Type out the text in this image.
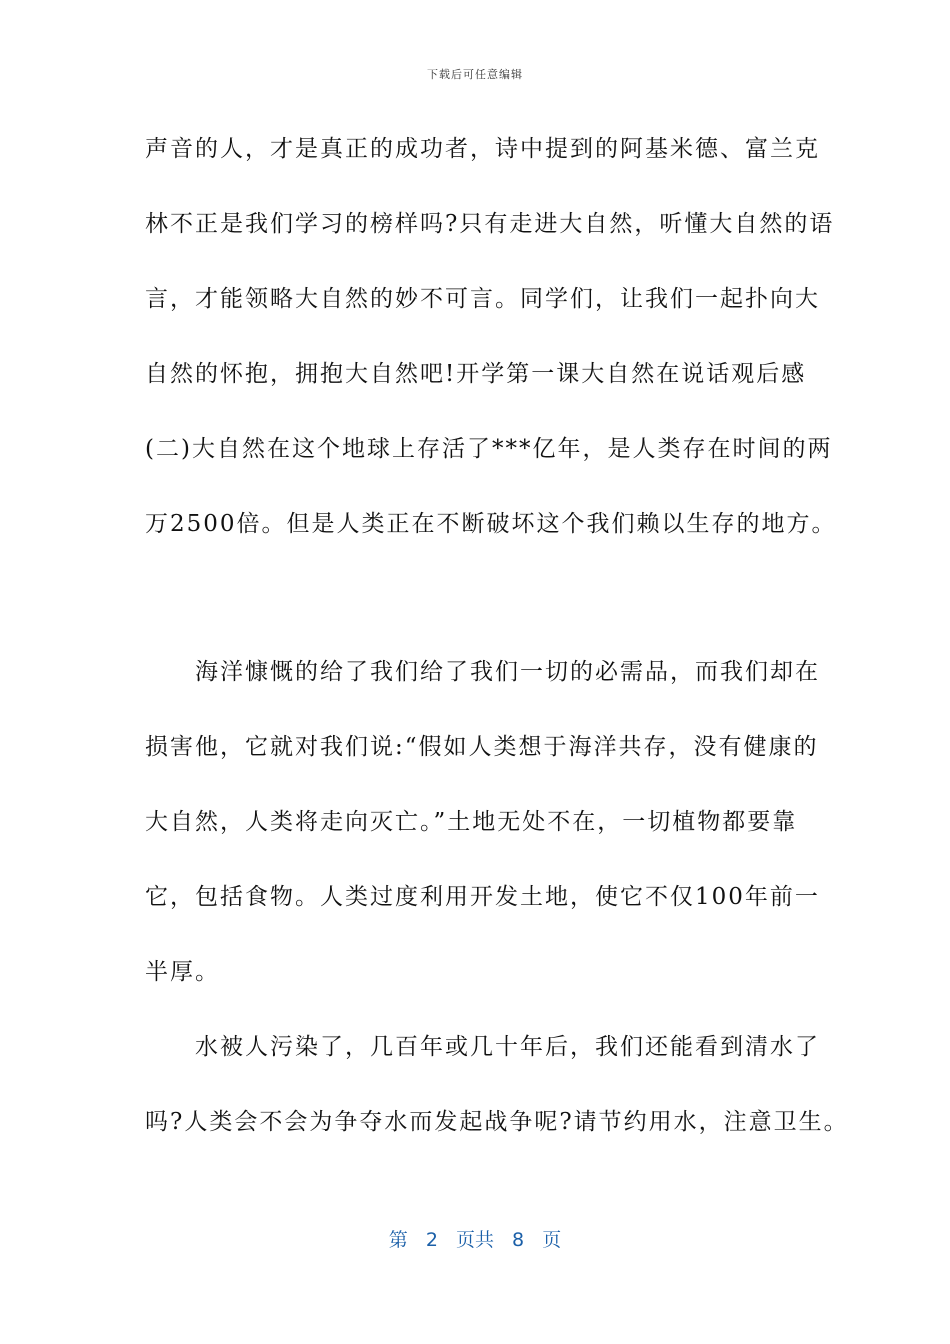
下载后可任意编辑
声音的人，才是真正的成功者，诗中提到的阿基米德、富兰克
林不正是我们学习的榜样吗?只有走进大自然，听懂大自然的语
言，才能领略大自然的妙不可言。同学们，让我们一起扑向大
自然的怀抱，拥抱大自然吧!开学第一课大自然在说话观后感
(二)大自然在这个地球上存活了***亿年，是人类存在时间的两
万2500倍。但是人类正在不断破坏这个我们赖以生存的地方。
　　海洋慷慨的给了我们给了我们一切的必需品，而我们却在
损害他，它就对我们说:“假如人类想于海洋共存，没有健康的
大自然，人类将走向灭亡。”土地无处不在，一切植物都要靠
它，包括食物。人类过度利用开发土地，使它不仅100年前一
半厚。
　　水被人污染了，几百年或几十年后，我们还能看到清水了
吗?人类会不会为争夺水而发起战争呢?请节约用水，注意卫生。
第 2 页共 8 页
